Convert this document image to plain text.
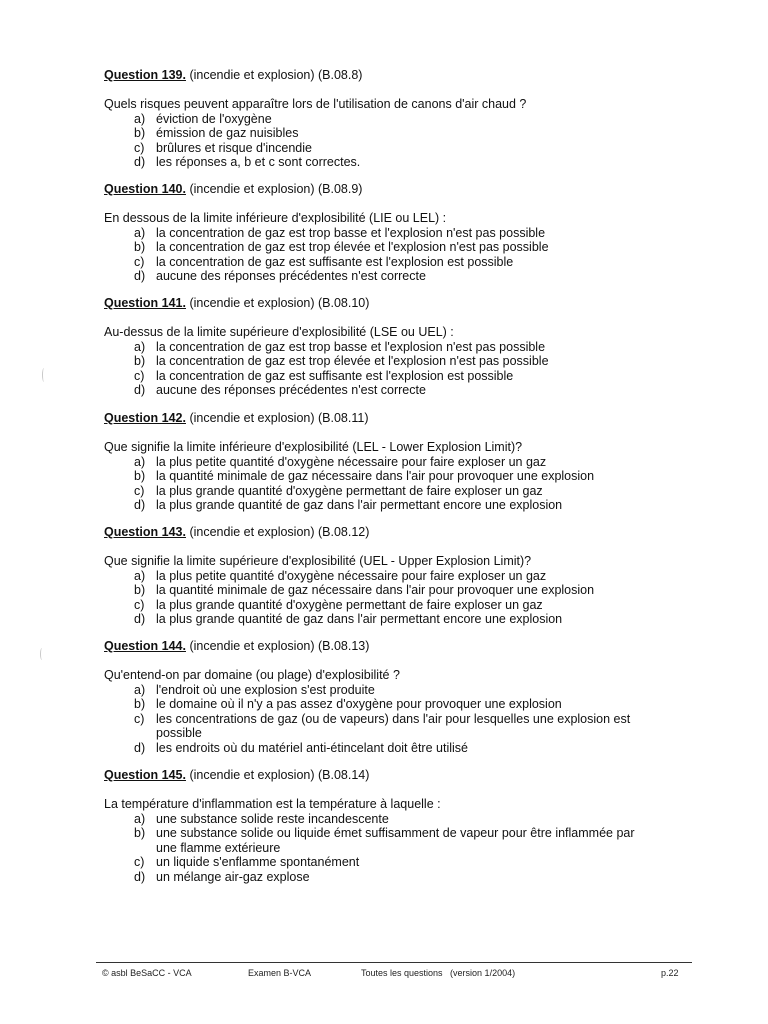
Question 139. (incendie et explosion) (B.08.8)
Quels risques peuvent apparaître lors de l'utilisation de canons d'air chaud ?
a) éviction de l'oxygène
b) émission de gaz nuisibles
c) brûlures et risque d'incendie
d) les réponses a, b et c sont correctes.
Question 140. (incendie et explosion) (B.08.9)
En dessous de la limite inférieure d'explosibilité (LIE ou LEL) :
a) la concentration de gaz est trop basse et l'explosion n'est pas possible
b) la concentration de gaz est trop élevée et l'explosion n'est pas possible
c) la concentration de gaz est suffisante est l'explosion est possible
d) aucune des réponses précédentes n'est correcte
Question 141. (incendie et explosion) (B.08.10)
Au-dessus de la limite supérieure d'explosibilité (LSE ou UEL) :
a) la concentration de gaz est trop basse et l'explosion n'est pas possible
b) la concentration de gaz est trop élevée et l'explosion n'est pas possible
c) la concentration de gaz est suffisante est l'explosion est possible
d) aucune des réponses précédentes n'est correcte
Question 142. (incendie et explosion) (B.08.11)
Que signifie la limite inférieure d'explosibilité (LEL - Lower Explosion Limit)?
a) la plus petite quantité d'oxygène nécessaire pour faire exploser un gaz
b) la quantité minimale de gaz nécessaire dans l'air pour provoquer une explosion
c) la plus grande quantité d'oxygène permettant de faire exploser un gaz
d) la plus grande quantité de gaz dans l'air permettant encore une explosion
Question 143. (incendie et explosion) (B.08.12)
Que signifie la limite supérieure d'explosibilité (UEL - Upper Explosion Limit)?
a) la plus petite quantité d'oxygène nécessaire pour faire exploser un gaz
b) la quantité minimale de gaz nécessaire dans l'air pour provoquer une explosion
c) la plus grande quantité d'oxygène permettant de faire exploser un gaz
d) la plus grande quantité de gaz dans l'air permettant encore une explosion
Question 144. (incendie et explosion) (B.08.13)
Qu'entend-on par domaine (ou plage) d'explosibilité ?
a) l'endroit où une explosion s'est produite
b) le domaine où il n'y a pas assez d'oxygène pour provoquer une explosion
c) les concentrations de gaz (ou de vapeurs) dans l'air pour lesquelles une explosion est
possible
d) les endroits où du matériel anti-étincelant doit être utilisé
Question 145. (incendie et explosion) (B.08.14)
La température d'inflammation est la température à laquelle :
a) une substance solide reste incandescente
b) une substance solide ou liquide émet suffisamment de vapeur pour être inflammée par
une flamme extérieure
c) un liquide s'enflamme spontanément
d) un mélange air-gaz explose
© asbl BeSaCC - VCA	Examen B-VCA	Toutes les questions   (version 1/2004)	p.22
